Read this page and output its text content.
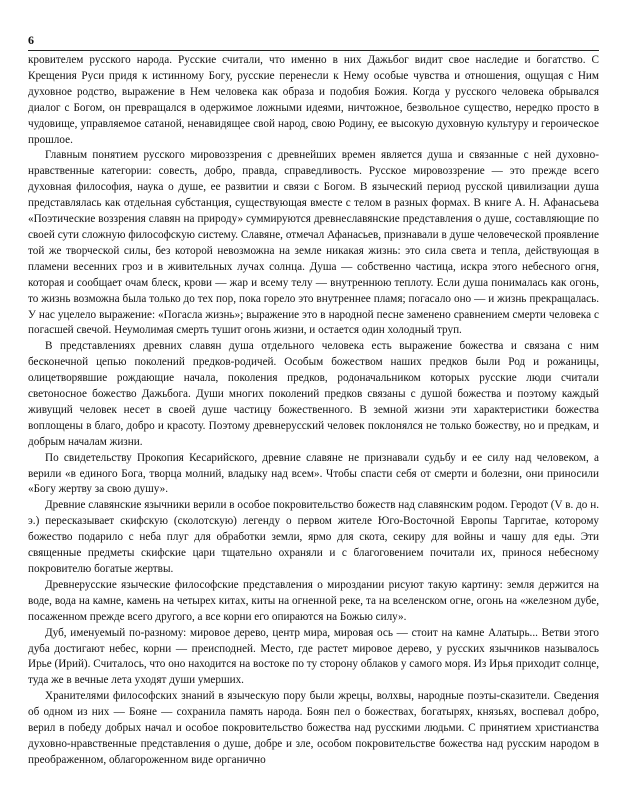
6

кровителем русского народа. Русские считали, что именно в них Дажьбог видит свое наследие и богатство. С Крещения Руси придя к истинному Богу, русские перенесли к Нему особые чувства и отношения, ощущая с Ним духовное родство, выражение в Нем человека как образа и подобия Божия. Когда у русского человека обрывался диалог с Богом, он превращался в одержимое ложными идеями, ничтожное, безвольное существо, нередко просто в чудовище, управляемое сатаной, ненавидящее свой народ, свою Родину, ее высокую духовную культуру и героическое прошлое.

Главным понятием русского мировоззрения с древнейших времен является душа и связанные с ней духовно-нравственные категории: совесть, добро, правда, справедливость. Русское мировоззрение — это прежде всего духовная философия, наука о душе, ее развитии и связи с Богом. В языческий период русской цивилизации душа представлялась как отдельная субстанция, существующая вместе с телом в разных формах. В книге А. Н. Афанасьева «Поэтические воззрения славян на природу» суммируются древнеславянские представления о душе, составляющие по своей сути сложную философскую систему. Славяне, отмечал Афанасьев, признавали в душе человеческой проявление той же творческой силы, без которой невозможна на земле никакая жизнь: это сила света и тепла, действующая в пламени весенних гроз и в живительных лучах солнца. Душа — собственно частица, искра этого небесного огня, которая и сообщает очам блеск, крови — жар и всему телу — внутреннюю теплоту. Если душа понималась как огонь, то жизнь возможна была только до тех пор, пока горело это внутреннее пламя; погасало оно — и жизнь прекращалась. У нас уцелело выражение: «Погасла жизнь»; выражение это в народной песне заменено сравнением смерти человека с погасшей свечой. Неумолимая смерть тушит огонь жизни, и остается один холодный труп.

В представлениях древних славян душа отдельного человека есть выражение божества и связана с ним бесконечной цепью поколений предков-родичей. Особым божеством наших предков были Род и рожаницы, олицетворявшие рождающие начала, поколения предков, родоначальником которых русские люди считали светоносное божество Дажьбога. Души многих поколений предков связаны с душой божества и поэтому каждый живущий человек несет в своей душе частицу божественного. В земной жизни эти характеристики божества воплощены в благо, добро и красоту. Поэтому древнерусский человек поклонялся не только божеству, но и предкам, и добрым началам жизни.

По свидетельству Прокопия Кесарийского, древние славяне не признавали судьбу и ее силу над человеком, а верили «в единого Бога, творца молний, владыку над всем». Чтобы спасти себя от смерти и болезни, они приносили «Богу жертву за свою душу».

Древние славянские язычники верили в особое покровительство божеств над славянским родом. Геродот (V в. до н. э.) пересказывает скифскую (сколотскую) легенду о первом жителе Юго-Восточной Европы Таргитае, которому божество подарило с неба плуг для обработки земли, ярмо для скота, секиру для войны и чашу для еды. Эти священные предметы скифские цари тщательно охраняли и с благоговением почитали их, принося небесному покровителю богатые жертвы.

Древнерусские языческие философские представления о мироздании рисуют такую картину: земля держится на воде, вода на камне, камень на четырех китах, киты на огненной реке, та на вселенском огне, огонь на «железном дубе, посаженном прежде всего другого, а все корни его опираются на Божью силу».

Дуб, именуемый по-разному: мировое дерево, центр мира, мировая ось — стоит на камне Алатырь... Ветви этого дуба достигают небес, корни — преисподней. Место, где растет мировое дерево, у русских язычников называлось Ирье (Ирий). Считалось, что оно находится на востоке по ту сторону облаков у самого моря. Из Ирья приходит солнце, туда же в вечные лета уходят души умерших.

Хранителями философских знаний в языческую пору были жрецы, волхвы, народные поэты-сказители. Сведения об одном из них — Бояне — сохранила память народа. Боян пел о божествах, богатырях, князьях, воспевал добро, верил в победу добрых начал и особое покровительство божества над русскими людьми. С принятием христианства духовно-нравственные представления о душе, добре и зле, особом покровительстве божества над русским народом в преображенном, облагороженном виде органично
